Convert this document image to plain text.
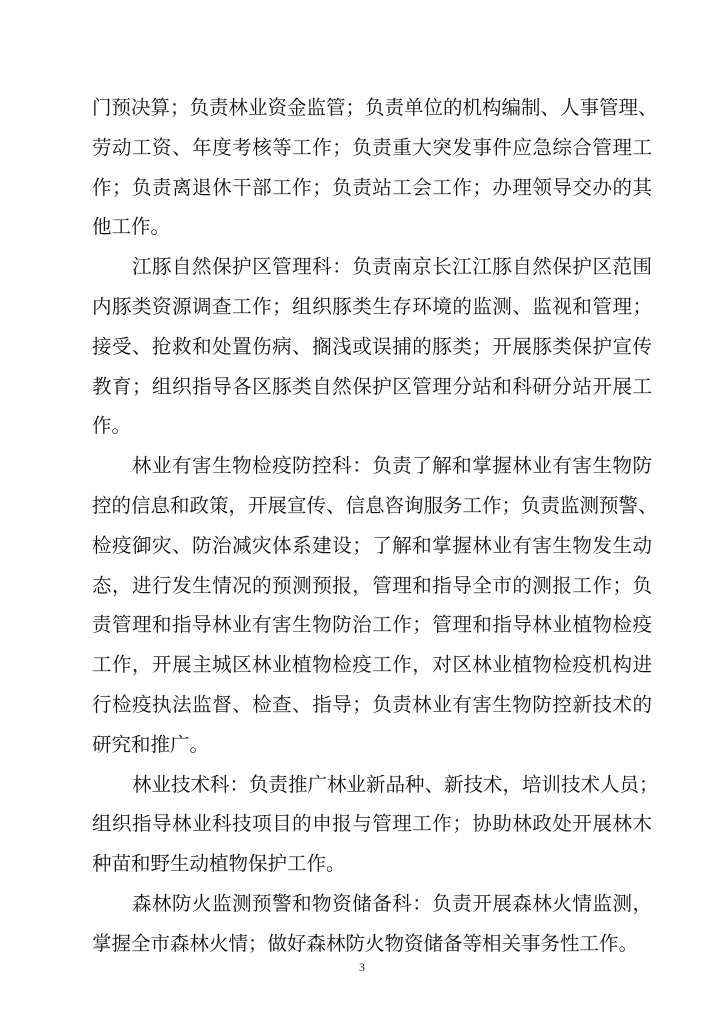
门预决算；负责林业资金监管；负责单位的机构编制、人事管理、
劳动工资、年度考核等工作；负责重大突发事件应急综合管理工
作；负责离退休干部工作；负责站工会工作；办理领导交办的其
他工作。
江豚自然保护区管理科：负责南京长江江豚自然保护区范围
内豚类资源调查工作；组织豚类生存环境的监测、监视和管理；
接受、抢救和处置伤病、搁浅或误捕的豚类；开展豚类保护宣传
教育；组织指导各区豚类自然保护区管理分站和科研分站开展工
作。
林业有害生物检疫防控科：负责了解和掌握林业有害生物防
控的信息和政策，开展宣传、信息咨询服务工作；负责监测预警、
检疫御灾、防治减灾体系建设；了解和掌握林业有害生物发生动
态，进行发生情况的预测预报，管理和指导全市的测报工作；负
责管理和指导林业有害生物防治工作；管理和指导林业植物检疫
工作，开展主城区林业植物检疫工作，对区林业植物检疫机构进
行检疫执法监督、检查、指导；负责林业有害生物防控新技术的
研究和推广。
林业技术科：负责推广林业新品种、新技术，培训技术人员；
组织指导林业科技项目的申报与管理工作；协助林政处开展林木
种苗和野生动植物保护工作。
森林防火监测预警和物资储备科：负责开展森林火情监测，
掌握全市森林火情；做好森林防火物资储备等相关事务性工作。
3
